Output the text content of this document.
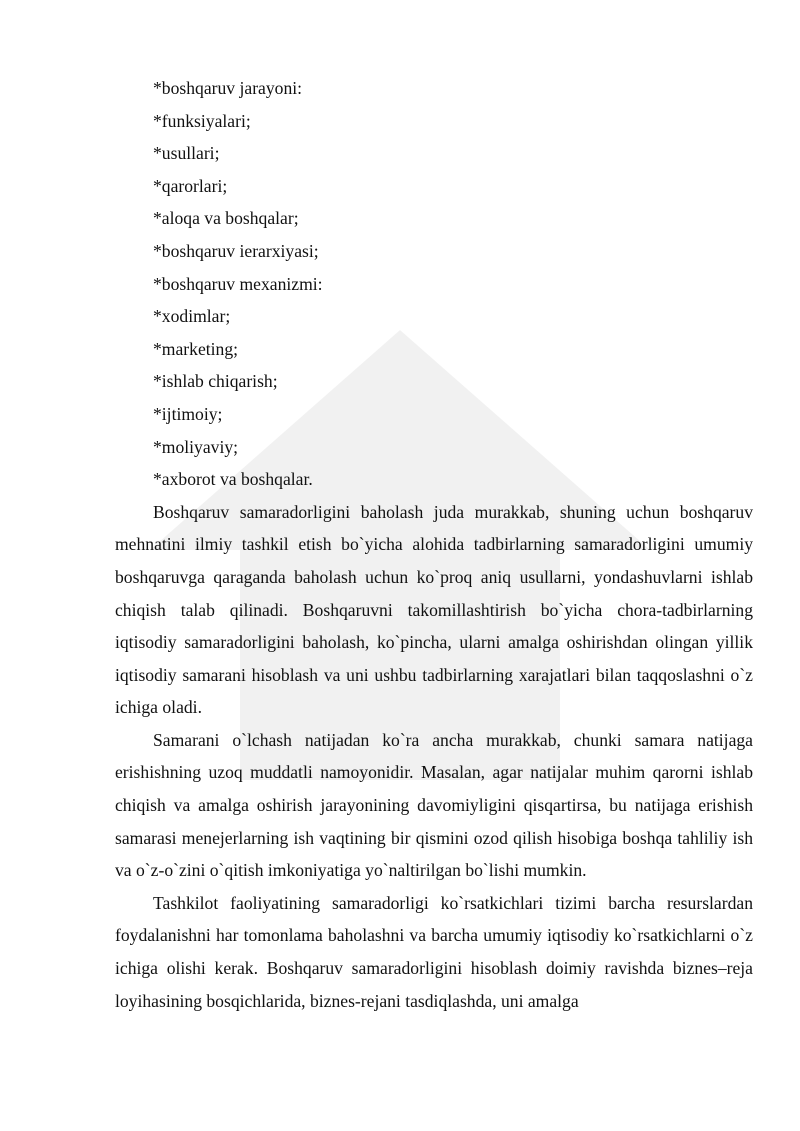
*boshqaruv jarayoni:
*funksiyalari;
*usullari;
*qarorlari;
*aloqa va boshqalar;
*boshqaruv ierarxiyasi;
*boshqaruv mexanizmi:
*xodimlar;
*marketing;
*ishlab chiqarish;
*ijtimoiy;
*moliyaviy;
*axborot va boshqalar.

Boshqaruv samaradorligini baholash juda murakkab, shuning uchun boshqaruv mehnatini ilmiy tashkil etish bo`yicha alohida tadbirlarning samaradorligini umumiy boshqaruvga qaraganda baholash uchun ko`proq aniq usullarni, yondashuvlarni ishlab chiqish talab qilinadi. Boshqaruvni takomillashtirish bo`yicha chora-tadbirlarning iqtisodiy samaradorligini baholash, ko`pincha, ularni amalga oshirishdan olingan yillik iqtisodiy samarani hisoblash va uni ushbu tadbirlarning xarajatlari bilan taqqoslashni o`z ichiga oladi.

Samarani o`lchash natijadan ko`ra ancha murakkab, chunki samara natijaga erishishning uzoq muddatli namoyonidir. Masalan, agar natijalar muhim qarorni ishlab chiqish va amalga oshirish jarayonining davomiyligini qisqartirsa, bu natijaga erishish samarasi menejerlarning ish vaqtining bir qismini ozod qilish hisobiga boshqa tahliliy ish va o`z-o`zini o`qitish imkoniyatiga yo`naltirilgan bo`lishi mumkin.

Tashkilot faoliyatining samaradorligi ko`rsatkichlari tizimi barcha resurslardan foydalanishni har tomonlama baholashni va barcha umumiy iqtisodiy ko`rsatkichlarni o`z ichiga olishi kerak. Boshqaruv samaradorligini hisoblash doimiy ravishda biznes–reja loyihasining bosqichlarida, biznes-rejani tasdiqlashda, uni amalga
